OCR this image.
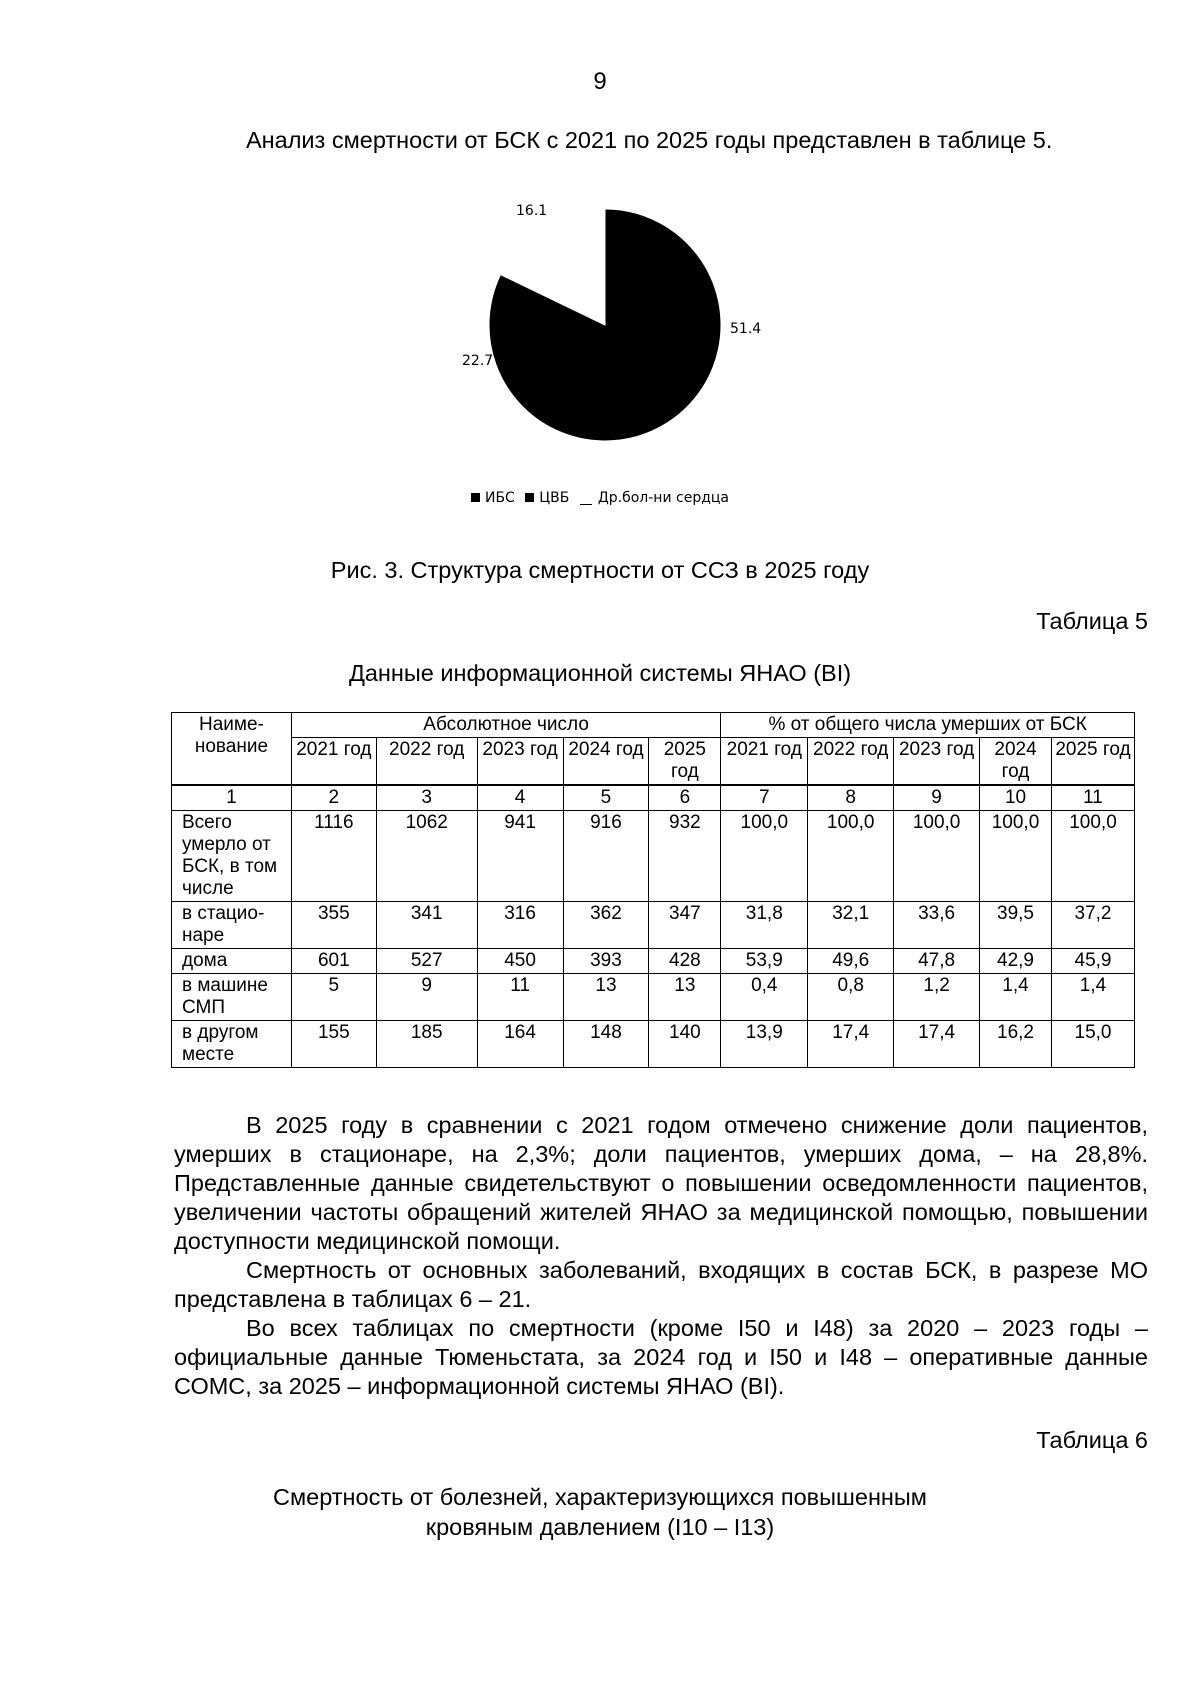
9
Анализ смертности от БСК с 2021 по 2025 годы представлен в таблице 5.
51.4
22.7
16.1
ИБС ЦВБ Др.бол-ни сердца
Рис. 3. Структура смертности от ССЗ в 2025 году
Таблица 5
Данные информационной системы ЯНАО (BI)
Наиме-нование	Абсолютное число					% от общего числа умерших от БСК				
	2021 год	2022 год	2023 год	2024 год	2025 год	2021 год	2022 год	2023 год	2024 год	2025 год
1	2	3	4	5	6	7	8	9	10	11
Всего умерло от БСК, в том числе	1116	1062	941	916	932	100,0	100,0	100,0	100,0	100,0
в стацио-наре	355	341	316	362	347	31,8	32,1	33,6	39,5	37,2
дома	601	527	450	393	428	53,9	49,6	47,8	42,9	45,9
в машине СМП	5	9	11	13	13	0,4	0,8	1,2	1,4	1,4
в другом месте	155	185	164	148	140	13,9	17,4	17,4	16,2	15,0
В 2025 году в сравнении с 2021 годом отмечено снижение доли пациентов, умерших в стационаре, на 2,3%; доли пациентов, умерших дома, – на 28,8%. Представленные данные свидетельствуют о повышении осведомленности пациентов, увеличении частоты обращений жителей ЯНАО за медицинской помощью, повышении доступности медицинской помощи.
Смертность от основных заболеваний, входящих в состав БСК, в разрезе МО представлена в таблицах 6 – 21.
Во всех таблицах по смертности (кроме I50 и I48) за 2020 – 2023 годы – официальные данные Тюменьстата, за 2024 год и I50 и I48 – оперативные данные СОМС, за 2025 – информационной системы ЯНАО (BI).
Таблица 6
Смертность от болезней, характеризующихся повышенным кровяным давлением (I10 – I13)
